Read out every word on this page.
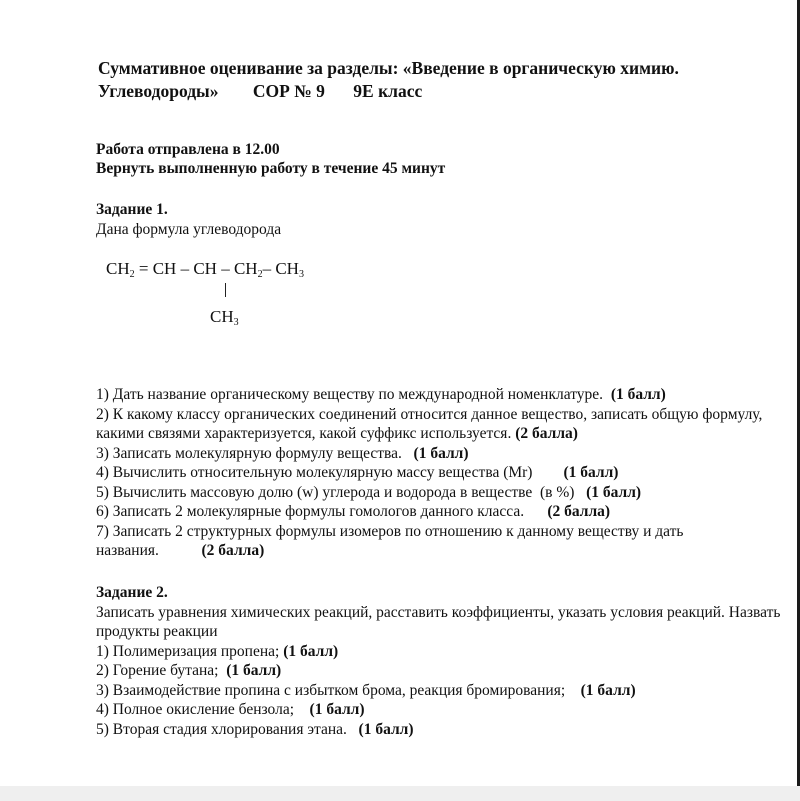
Суммативное оценивание за разделы: «Введение в органическую химию.
Углеводороды» СОР № 9 9Е класс
Работа отправлена в 12.00
Вернуть выполненную работу в течение 45 минут
Задание 1.
Дана формула углеводорода
$CH_2$ = CH – CH – $CH_2-$ $CH_3$
$CH_3$
1) Дать название органическому веществу по международной номенклатуре. (1 балл)
2) К какому классу органических соединений относится данное вещество, записать общую формулу, какими связями характеризуется, какой суффикс используется. (2 балла)
3) Записать молекулярную формулу вещества. (1 балл)
4) Вычислить относительную молекулярную массу вещества (Mr) (1 балл)
5) Вычислить массовую долю (w) углерода и водорода в веществе  (в %) (1 балл)
6) Записать 2 молекулярные формулы гомологов данного класса. (2 балла)
7) Записать 2 структурных формулы изомеров по отношению к данному веществу и дать названия.	(2 балла)
Задание 2.
Записать уравнения химических реакций, расставить коэффициенты, указать условия реакций. Назвать продукты реакции
1) Полимеризация пропена; (1 балл)
2) Горение бутана; (1 балл)
3) Взаимодействие пропина с избытком брома, реакция бромирования; (1 балл)
4) Полное окисление бензола; (1 балл)
5) Вторая стадия хлорирования этана. (1 балл)
